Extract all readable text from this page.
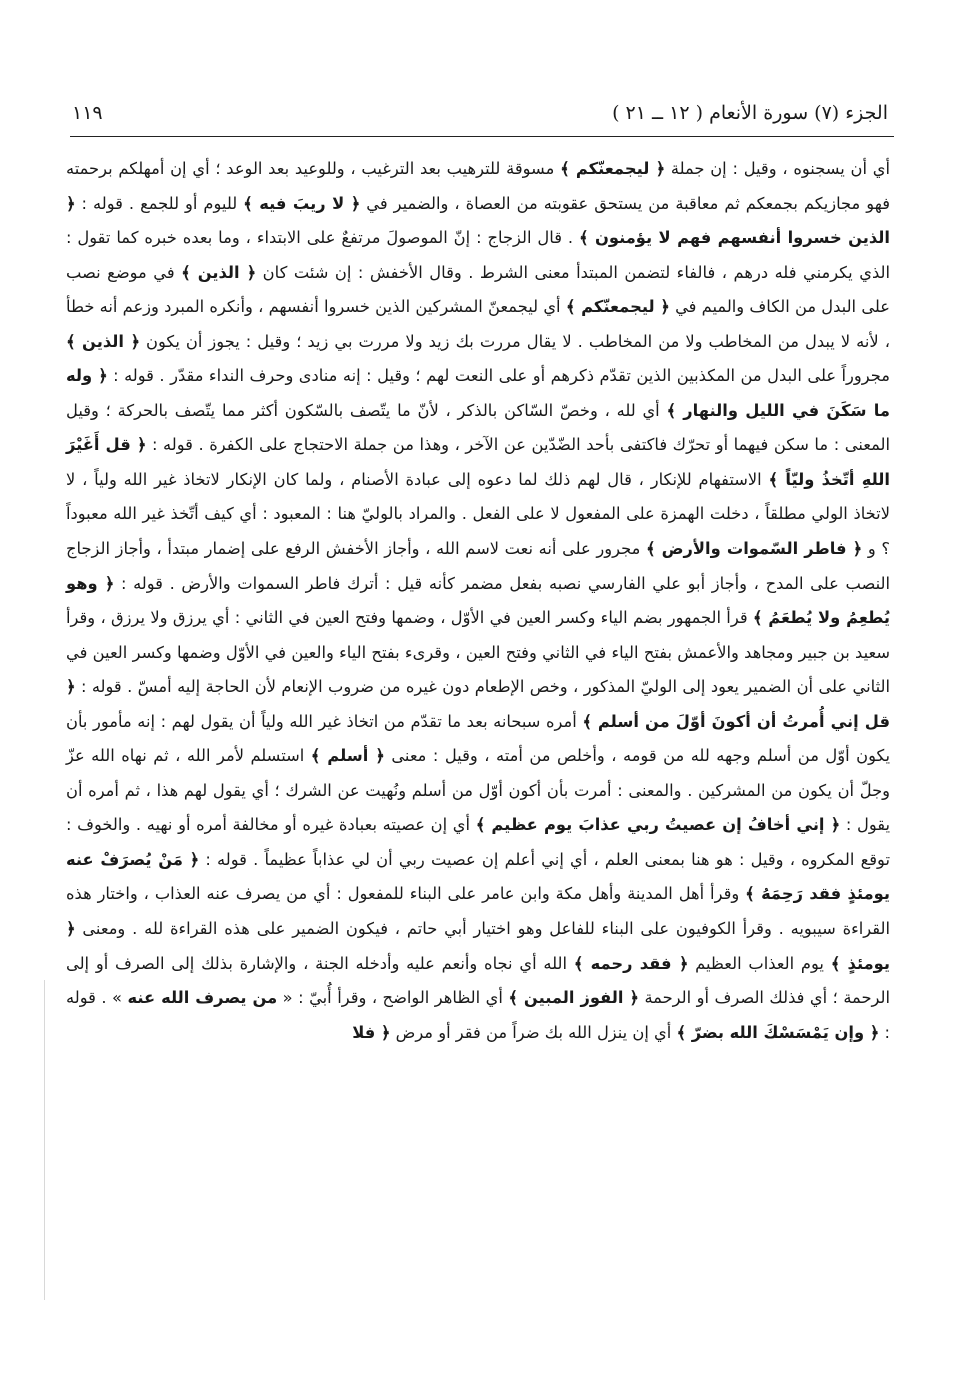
الجزء (٧) سورة الأنعام ( ١٢ ــ ٢١ )
١١٩
أي أن يسجنوه ، وقيل : إن جملة ﴿ ليجمعنّكم ﴾ مسوقة للترهيب بعد الترغيب ، وللوعيد بعد الوعد ؛ أي إن أمهلكم برحمته فهو مجازيكم بجمعكم ثم معاقبة من يستحق عقوبته من العصاة ، والضمير في ﴿ لا ريبَ فيه ﴾ لليوم أو للجمع . قوله : ﴿ الذين خسروا أنفسهم فهم لا يؤمنون ﴾ . قال الزجاج : إنّ الموصولَ مرتفعٌ على الابتداء ، وما بعده خبره كما تقول : الذي يكرمني فله درهم ، فالفاء لتضمن المبتدأ معنى الشرط . وقال الأخفش : إن شئت كان ﴿ الذين ﴾ في موضع نصب على البدل من الكاف والميم في ﴿ ليجمعنّكم ﴾ أي ليجمعنّ المشركين الذين خسروا أنفسهم ، وأنكره المبرد وزعم أنه خطأ ، لأنه لا يبدل من المخاطب ولا من المخاطب . لا يقال مررت بك زيد ولا مررت بي زيد ؛ وقيل : يجوز أن يكون ﴿ الذين ﴾ مجروراً على البدل من المكذبين الذين تقدّم ذكرهم أو على النعت لهم ؛ وقيل : إنه منادى وحرف النداء مقدّر . قوله : ﴿ وله ما سَكَنَ في الليل والنهار ﴾ أي لله ، وخصّ السّاكن بالذكر ، لأنّ ما يتّصف بالسّكون أكثر مما يتّصف بالحركة ؛ وقيل المعنى : ما سكن فيهما أو تحرّك فاكتفى بأحد الضّدّين عن الآخر ، وهذا من جملة الاحتجاج على الكفرة . قوله : ﴿ قل أَغَيْرَ اللهِ أتّخذُ وليّاً ﴾ الاستفهام للإنكار ، قال لهم ذلك لما دعوه إلى عبادة الأصنام ، ولما كان الإنكار لاتخاذ غير الله ولياً ، لا لاتخاذ الولي مطلقاً ، دخلت الهمزة على المفعول لا على الفعل . والمراد بالوليّ هنا : المعبود : أي كيف أتّخذ غير الله معبوداً ؟ و ﴿ فاطر السّموات والأرض ﴾ مجرور على أنه نعت لاسم الله ، وأجاز الأخفش الرفع على إضمار مبتدأ ، وأجاز الزجاج النصب على المدح ، وأجاز أبو علي الفارسي نصبه بفعل مضمر كأنه قيل : أترك فاطر السموات والأرض . قوله : ﴿ وهو يُطعِمُ ولا يُطعَمُ ﴾ قرأ الجمهور بضم الياء وكسر العين في الأوّل ، وضمها وفتح العين في الثاني : أي يرزق ولا يرزق ، وقرأ سعيد بن جبير ومجاهد والأعمش بفتح الياء في الثاني وفتح العين ، وقرىء بفتح الياء والعين في الأوّل وضمها وكسر العين في الثاني على أن الضمير يعود إلى الوليّ المذكور ، وخص الإطعام دون غيره من ضروب الإنعام لأن الحاجة إليه أمسّ . قوله : ﴿ قل إني أُمرتُ أن أكونَ أوّلَ من أسلم ﴾ أمره سبحانه بعد ما تقدّم من اتخاذ غير الله ولياً أن يقول لهم : إنه مأمور بأن يكون أوّل من أسلم وجهه لله من قومه ، وأخلص من أمته ، وقيل : معنى ﴿ أسلم ﴾ استسلم لأمر الله ، ثم نهاه الله عزّ وجلّ أن يكون من المشركين . والمعنى : أمرت بأن أكون أوّل من أسلم ونُهيت عن الشرك ؛ أي يقول لهم هذا ، ثم أمره أن يقول : ﴿ إني أخافُ إن عصيتُ ربي عذابَ يوم عظيم ﴾ أي إن عصيته بعبادة غيره أو مخالفة أمره أو نهيه . والخوف : توقع المكروه ، وقيل : هو هنا بمعنى العلم ، أي إني أعلم إن عصيت ربي أن لي عذاباً عظيماً . قوله : ﴿ مَنْ يُصرَفْ عنه يومئذٍ فقد رَحِمَهُ ﴾ وقرأ أهل المدينة وأهل مكة وابن عامر على البناء للمفعول : أي من يصرف عنه العذاب ، واختار هذه القراءة سيبويه . وقرأ الكوفيون على البناء للفاعل وهو اختيار أبي حاتم ، فيكون الضمير على هذه القراءة لله . ومعنى ﴿ يومئذٍ ﴾ يوم العذاب العظيم ﴿ فقد رحمه ﴾ الله أي نجاه وأنعم عليه وأدخله الجنة ، والإشارة بذلك إلى الصرف أو إلى الرحمة ؛ أي فذلك الصرف أو الرحمة ﴿ الفوز المبين ﴾ أي الظاهر الواضح ، وقرأ أُبيّ : « من يصرف الله عنه » . قوله : ﴿ وإن يَمْسَسْكَ الله بضرّ ﴾ أي إن ينزل الله بك ضراً من فقر أو مرض ﴿ فلا
